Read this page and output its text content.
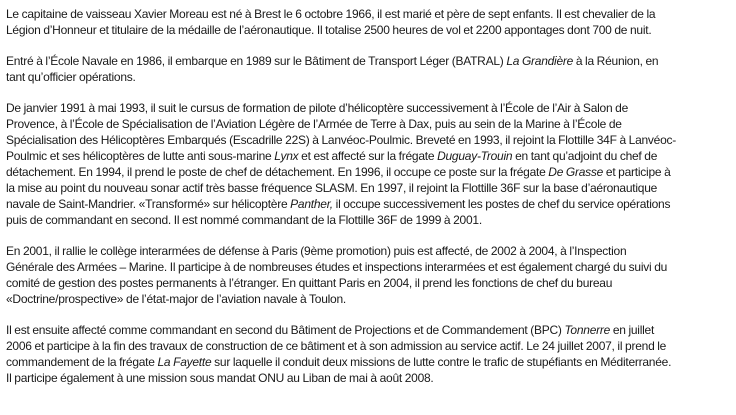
Le capitaine de vaisseau Xavier Moreau est né à Brest le 6 octobre 1966, il est marié et père de sept enfants. Il est chevalier de la
Légion d’Honneur et titulaire de la médaille de l’aéronautique. Il totalise 2500 heures de vol et 2200 appontages dont 700 de nuit.

Entré à l’École Navale en 1986, il embarque en 1989 sur le Bâtiment de Transport Léger (BATRAL) La Grandière à la Réunion, en
tant qu’officier opérations.

De janvier 1991 à mai 1993, il suit le cursus de formation de pilote d’hélicoptère successivement à l’École de l’Air à Salon de
Provence, à l’École de Spécialisation de l’Aviation Légère de l’Armée de Terre à Dax, puis au sein de la Marine à l’École de
Spécialisation des Hélicoptères Embarqués (Escadrille 22S) à Lanvéoc-Poulmic. Breveté en 1993, il rejoint la Flottille 34F à Lanvéoc-
Poulmic et ses hélicoptères de lutte anti sous-marine Lynx et est affecté sur la frégate Duguay-Trouin en tant qu’adjoint du chef de
détachement. En 1994, il prend le poste de chef de détachement. En 1996, il occupe ce poste sur la frégate De Grasse et participe à
la mise au point du nouveau sonar actif très basse fréquence SLASM. En 1997, il rejoint la Flottille 36F sur la base d’aéronautique
navale de Saint-Mandrier. «Transformé» sur hélicoptère Panther, il occupe successivement les postes de chef du service opérations
puis de commandant en second. Il est nommé commandant de la Flottille 36F de 1999 à 2001.

En 2001, il rallie le collège interarmées de défense à Paris (9ème promotion) puis est affecté, de 2002 à 2004, à l’Inspection
Générale des Armées – Marine. Il participe à de nombreuses études et inspections interarmées et est également chargé du suivi du
comité de gestion des postes permanents à l’étranger. En quittant Paris en 2004, il prend les fonctions de chef du bureau
«Doctrine/prospective» de l’état-major de l’aviation navale à Toulon.

Il est ensuite affecté comme commandant en second du Bâtiment de Projections et de Commandement (BPC) Tonnerre en juillet
2006 et participe à la fin des travaux de construction de ce bâtiment et à son admission au service actif. Le 24 juillet 2007, il prend le
commandement de la frégate La Fayette sur laquelle il conduit deux missions de lutte contre le trafic de stupéfiants en Méditerranée.
Il participe également à une mission sous mandat ONU au Liban de mai à août 2008.
